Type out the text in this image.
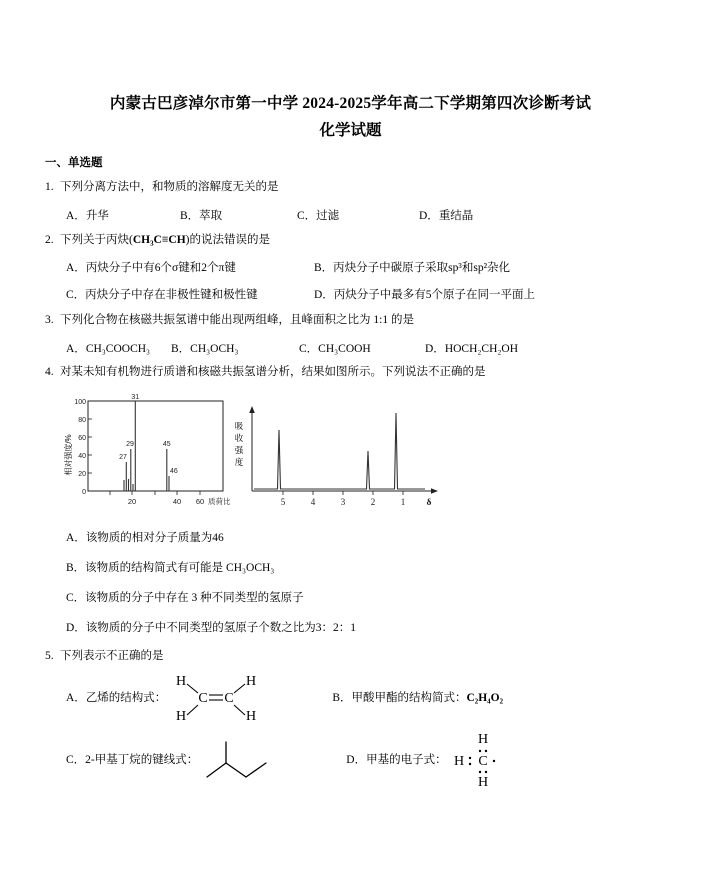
内蒙古巴彦淖尔市第一中学 2024-2025学年高二下学期第四次诊断考试
化学试题
一、单选题
1. 下列分离方法中，和物质的溶解度无关的是
A．升华	B．萃取	C．过滤	D．重结晶
2. 下列关于丙炔(CH₃C≡CH)的说法错误的是
A．丙炔分子中有6个σ键和2个π键	B．丙炔分子中碳原子采取sp³和sp²杂化
C．丙炔分子中存在非极性键和极性键	D．丙炔分子中最多有5个原子在同一平面上
3. 下列化合物在核磁共振氢谱中能出现两组峰，且峰面积之比为 1:1 的是
A．CH₃COOCH₃	B．CH₃OCH₃	C．CH₃COOH	D．HOCH₂CH₂OH
4. 对某未知有机物进行质谱和核磁共振氢谱分析，结果如图所示。下列说法不正确的是
相对强度/%
100
80
60
40
20
0
20	40 60 质荷比
27
29
31
45
46
吸
收
强
度
5	4	3	2	1 δ
A．该物质的相对分子质量为46
B．该物质的结构简式有可能是 CH₃OCH₃
C．该物质的分子中存在 3 种不同类型的氢原子
D．该物质的分子中不同类型的氢原子个数之比为3：2：1
5. 下列表示不正确的是
A．乙烯的结构式：
H	H
H	H
C C	B．甲酸甲酯的结构简式：C₂H₄O₂
C．2-甲基丁烷的键线式：	D．甲基的电子式： H
H
C
H
